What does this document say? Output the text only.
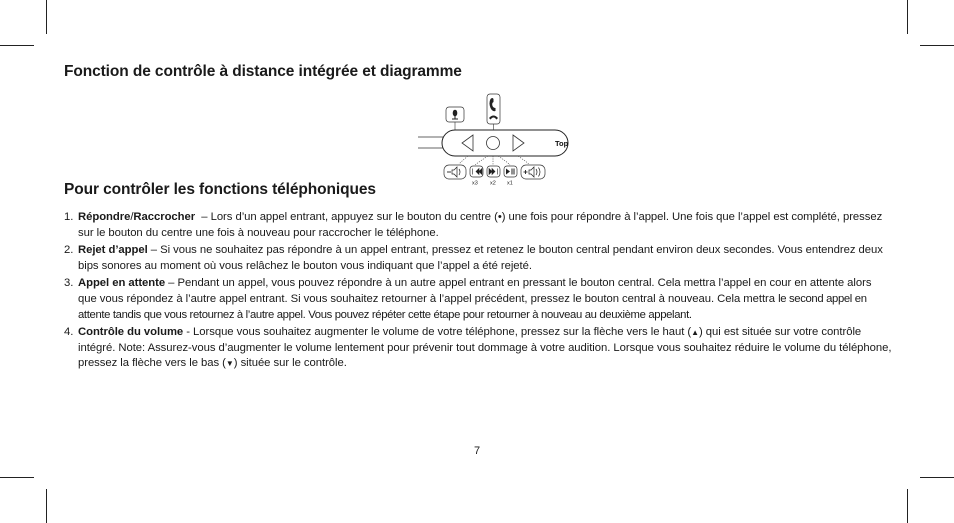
Fonction de contrôle à distance intégrée et diagramme
Top
x3 x2 x1
Pour contrôler les fonctions téléphoniques
1. Répondre/Raccrocher  – Lors d’un appel entrant, appuyez sur le bouton du centre (•) une fois pour répondre à l’appel. Une fois que l’appel est complété, pressez sur le bouton du centre une fois à nouveau pour raccrocher le téléphone.
2. Rejet d’appel – Si vous ne souhaitez pas répondre à un appel entrant, pressez et retenez le bouton central pendant environ deux secondes. Vous entendrez deux bips sonores au moment où vous relâchez le bouton vous indiquant que l’appel a été rejeté.
3. Appel en attente – Pendant un appel, vous pouvez répondre à un autre appel entrant en pressant le bouton central. Cela mettra l’appel en cour en attente alors que vous répondez à l’autre appel entrant. Si vous souhaitez retourner à l’appel précédent, pressez le bouton central à nouveau. Cela mettra le second appel en attente tandis que vous retournez à l’autre appel. Vous pouvez répéter cette étape pour retourner à nouveau au deuxième appelant.
4. Contrôle du volume - Lorsque vous souhaitez augmenter le volume de votre téléphone, pressez sur la flèche vers le haut (▲) qui est située sur votre contrôle intégré. Note: Assurez-vous d’augmenter le volume lentement pour prévenir tout dommage à votre audition. Lorsque vous souhaitez réduire le volume du téléphone, pressez la flèche vers le bas (▼) située sur le contrôle.
7
